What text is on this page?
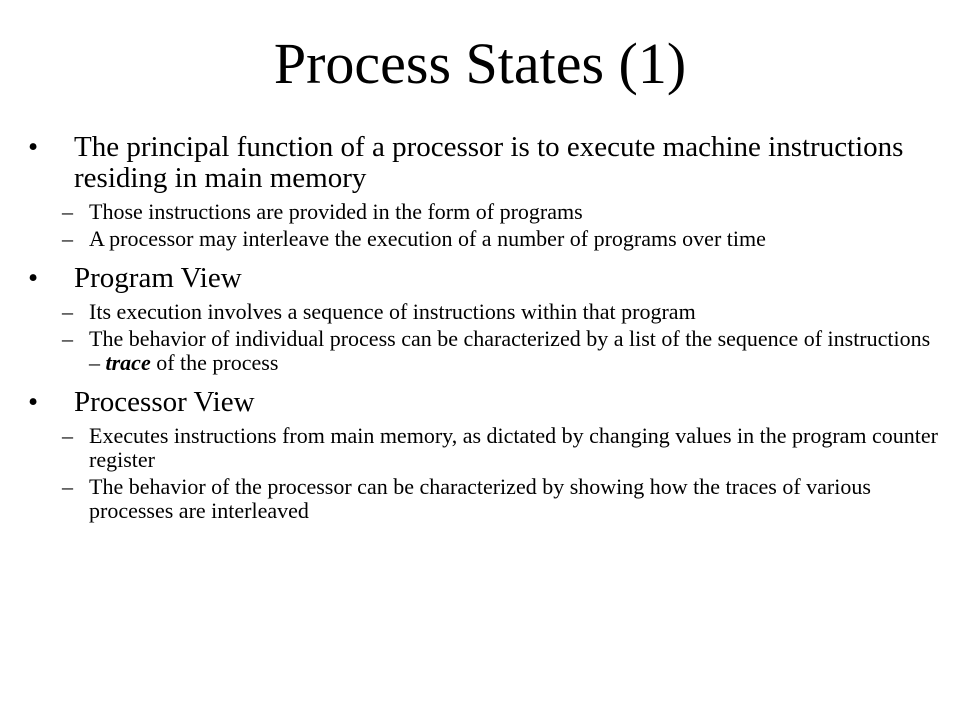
Process States (1)
• The principal function of a processor is to execute machine instructions residing in main memory
– Those instructions are provided in the form of programs
– A processor may interleave the execution of a number of programs over time
• Program View
– Its execution involves a sequence of instructions within that program
– The behavior of individual process can be characterized by a list of the sequence of instructions – trace of the process
• Processor View
– Executes instructions from main memory, as dictated by changing values in the program counter register
– The behavior of the processor can be characterized by showing how the traces of various processes are interleaved
